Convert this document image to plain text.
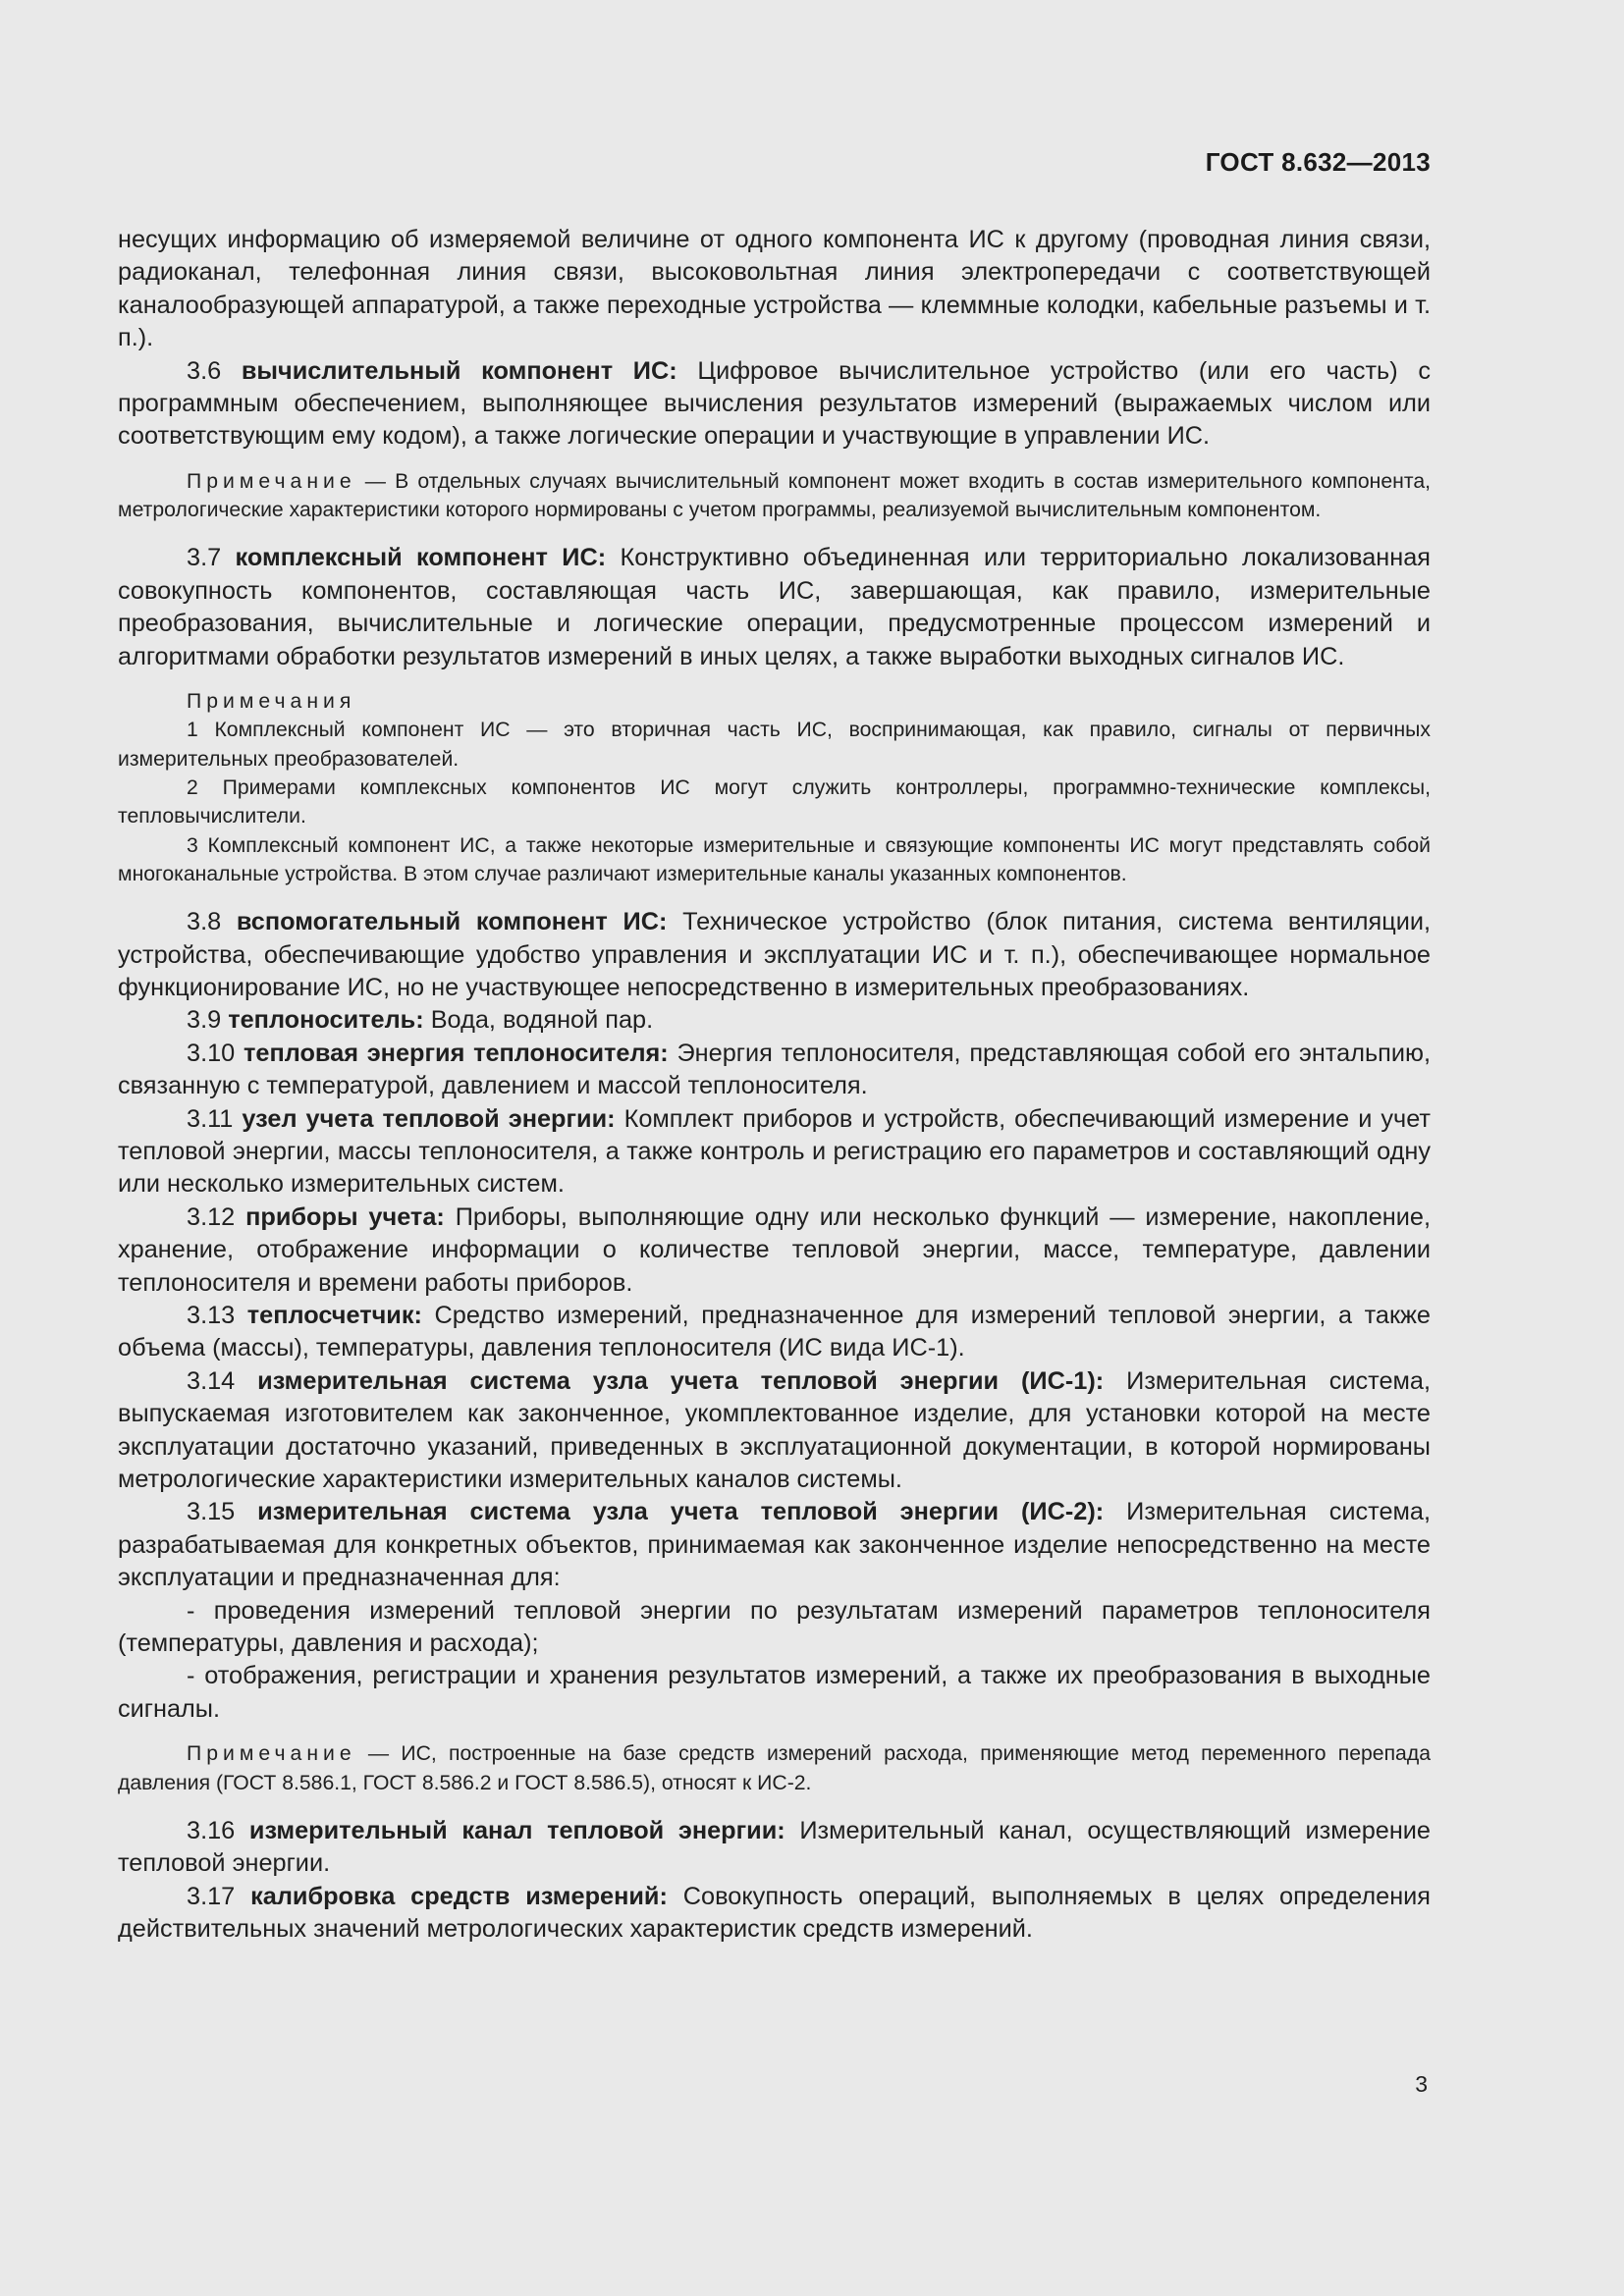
ГОСТ 8.632—2013

несущих информацию об измеряемой величине от одного компонента ИС к другому (проводная линия связи, радиоканал, телефонная линия связи, высоковольтная линия электропередачи с соответствующей каналообразующей аппаратурой, а также переходные устройства — клеммные колодки, кабельные разъемы и т. п.).

3.6 вычислительный компонент ИС: Цифровое вычислительное устройство (или его часть) с программным обеспечением, выполняющее вычисления результатов измерений (выражаемых числом или соответствующим ему кодом), а также логические операции и участвующие в управлении ИС.

Примечание — В отдельных случаях вычислительный компонент может входить в состав измерительного компонента, метрологические характеристики которого нормированы с учетом программы, реализуемой вычислительным компонентом.

3.7 комплексный компонент ИС: Конструктивно объединенная или территориально локализованная совокупность компонентов, составляющая часть ИС, завершающая, как правило, измерительные преобразования, вычислительные и логические операции, предусмотренные процессом измерений и алгоритмами обработки результатов измерений в иных целях, а также выработки выходных сигналов ИС.

Примечания

1 Комплексный компонент ИС — это вторичная часть ИС, воспринимающая, как правило, сигналы от первичных измерительных преобразователей.

2 Примерами комплексных компонентов ИС могут служить контроллеры, программно-технические комплексы, тепловычислители.

3 Комплексный компонент ИС, а также некоторые измерительные и связующие компоненты ИС могут представлять собой многоканальные устройства. В этом случае различают измерительные каналы указанных компонентов.

3.8 вспомогательный компонент ИС: Техническое устройство (блок питания, система вентиляции, устройства, обеспечивающие удобство управления и эксплуатации ИС и т. п.), обеспечивающее нормальное функционирование ИС, но не участвующее непосредственно в измерительных преобразованиях.

3.9 теплоноситель: Вода, водяной пар.

3.10 тепловая энергия теплоносителя: Энергия теплоносителя, представляющая собой его энтальпию, связанную с температурой, давлением и массой теплоносителя.

3.11 узел учета тепловой энергии: Комплект приборов и устройств, обеспечивающий измерение и учет тепловой энергии, массы теплоносителя, а также контроль и регистрацию его параметров и составляющий одну или несколько измерительных систем.

3.12 приборы учета: Приборы, выполняющие одну или несколько функций — измерение, накопление, хранение, отображение информации о количестве тепловой энергии, массе, температуре, давлении теплоносителя и времени работы приборов.

3.13 теплосчетчик: Средство измерений, предназначенное для измерений тепловой энергии, а также объема (массы), температуры, давления теплоносителя (ИС вида ИС-1).

3.14 измерительная система узла учета тепловой энергии (ИС-1): Измерительная система, выпускаемая изготовителем как законченное, укомплектованное изделие, для установки которой на месте эксплуатации достаточно указаний, приведенных в эксплуатационной документации, в которой нормированы метрологические характеристики измерительных каналов системы.

3.15 измерительная система узла учета тепловой энергии (ИС-2): Измерительная система, разрабатываемая для конкретных объектов, принимаемая как законченное изделие непосредственно на месте эксплуатации и предназначенная для:

- проведения измерений тепловой энергии по результатам измерений параметров теплоносителя (температуры, давления и расхода);

- отображения, регистрации и хранения результатов измерений, а также их преобразования в выходные сигналы.

Примечание — ИС, построенные на базе средств измерений расхода, применяющие метод переменного перепада давления (ГОСТ 8.586.1, ГОСТ 8.586.2 и ГОСТ 8.586.5), относят к ИС-2.

3.16 измерительный канал тепловой энергии: Измерительный канал, осуществляющий измерение тепловой энергии.

3.17 калибровка средств измерений: Совокупность операций, выполняемых в целях определения действительных значений метрологических характеристик средств измерений.

3
